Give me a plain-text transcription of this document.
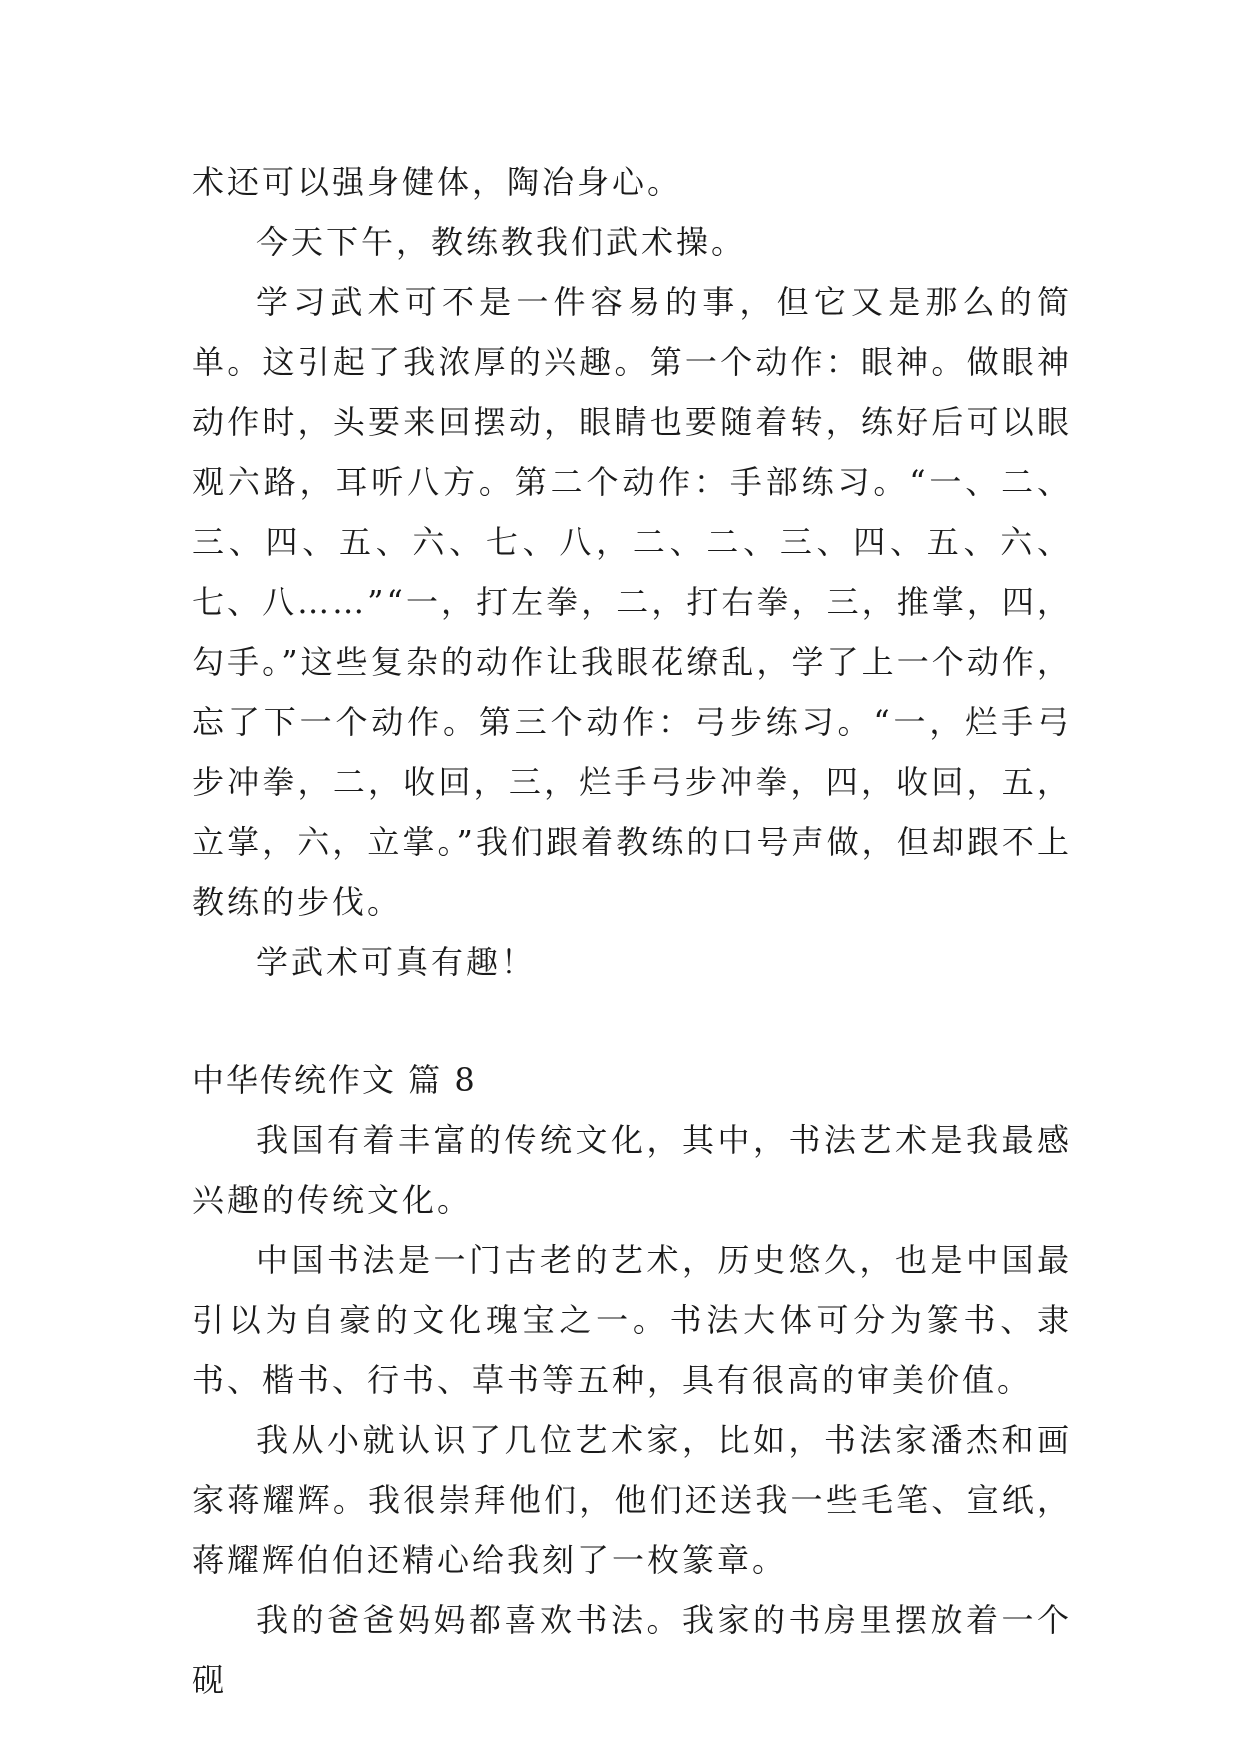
术还可以强身健体，陶冶身心。

今天下午，教练教我们武术操。

学习武术可不是一件容易的事，但它又是那么的简单。这引起了我浓厚的兴趣。第一个动作：眼神。做眼神动作时，头要来回摆动，眼睛也要随着转，练好后可以眼观六路，耳听八方。第二个动作：手部练习。“一、二、三、四、五、六、七、八，二、二、三、四、五、六、七、八……”“一，打左拳，二，打右拳，三，推掌，四，勾手。”这些复杂的动作让我眼花缭乱，学了上一个动作，忘了下一个动作。第三个动作：弓步练习。“一，烂手弓步冲拳，二，收回，三，烂手弓步冲拳，四，收回，五，立掌，六，立掌。”我们跟着教练的口号声做，但却跟不上教练的步伐。

学武术可真有趣！

中华传统作文 篇 8

我国有着丰富的传统文化，其中，书法艺术是我最感兴趣的传统文化。

中国书法是一门古老的艺术，历史悠久，也是中国最引以为自豪的文化瑰宝之一。书法大体可分为篆书、隶书、楷书、行书、草书等五种，具有很高的审美价值。

我从小就认识了几位艺术家，比如，书法家潘杰和画家蒋耀辉。我很崇拜他们，他们还送我一些毛笔、宣纸，蒋耀辉伯伯还精心给我刻了一枚篆章。

我的爸爸妈妈都喜欢书法。我家的书房里摆放着一个砚
